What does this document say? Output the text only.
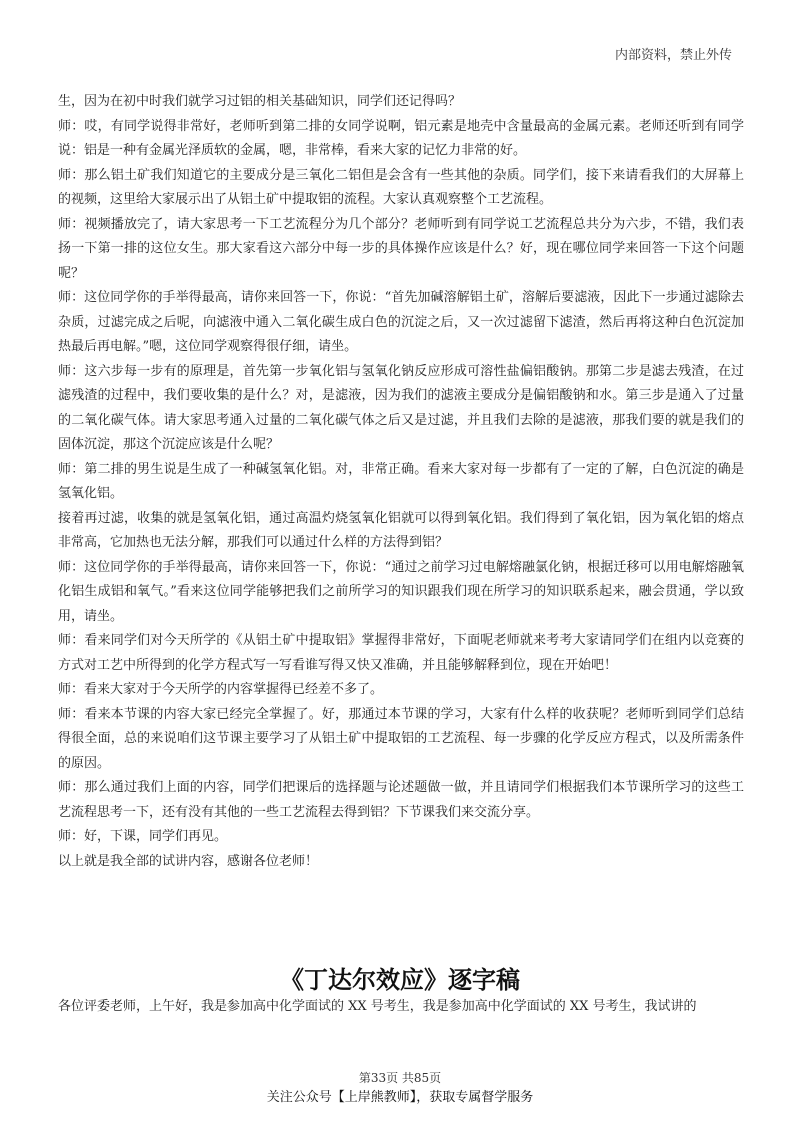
内部资料，禁止外传

生，因为在初中时我们就学习过铝的相关基础知识，同学们还记得吗？

师：哎，有同学说得非常好，老师听到第二排的女同学说啊，铝元素是地壳中含量最高的金属元素。老师还听到有同学说：铝是一种有金属光泽质软的金属，嗯，非常棒，看来大家的记忆力非常的好。

师：那么铝土矿我们知道它的主要成分是三氧化二铝但是会含有一些其他的杂质。同学们，接下来请看我们的大屏幕上的视频，这里给大家展示出了从铝土矿中提取铝的流程。大家认真观察整个工艺流程。

师：视频播放完了，请大家思考一下工艺流程分为几个部分？老师听到有同学说工艺流程总共分为六步，不错，我们表扬一下第一排的这位女生。那大家看这六部分中每一步的具体操作应该是什么？好，现在哪位同学来回答一下这个问题呢？

师：这位同学你的手举得最高，请你来回答一下，你说：“首先加碱溶解铝土矿，溶解后要滤液，因此下一步通过滤除去杂质，过滤完成之后呢，向滤液中通入二氧化碳生成白色的沉淀之后，又一次过滤留下滤渣，然后再将这种白色沉淀加热最后再电解。”嗯，这位同学观察得很仔细，请坐。

师：这六步每一步有的原理是，首先第一步氧化铝与氢氧化钠反应形成可溶性盐偏铝酸钠。那第二步是滤去残渣，在过滤残渣的过程中，我们要收集的是什么？对，是滤液，因为我们的滤液主要成分是偏铝酸钠和水。第三步是通入了过量的二氧化碳气体。请大家思考通入过量的二氧化碳气体之后又是过滤，并且我们去除的是滤液，那我们要的就是我们的固体沉淀，那这个沉淀应该是什么呢？

师：第二排的男生说是生成了一种碱氢氧化铝。对，非常正确。看来大家对每一步都有了一定的了解，白色沉淀的确是氢氧化铝。

接着再过滤，收集的就是氢氧化铝，通过高温灼烧氢氧化铝就可以得到氧化铝。我们得到了氧化铝，因为氧化铝的熔点非常高，它加热也无法分解，那我们可以通过什么样的方法得到铝？

师：这位同学你的手举得最高，请你来回答一下，你说：“通过之前学习过电解熔融氯化钠，根据迁移可以用电解熔融氧化铝生成铝和氧气。”看来这位同学能够把我们之前所学习的知识跟我们现在所学习的知识联系起来，融会贯通，学以致用，请坐。

师：看来同学们对今天所学的《从铝土矿中提取铝》掌握得非常好，下面呢老师就来考考大家请同学们在组内以竞赛的方式对工艺中所得到的化学方程式写一写看谁写得又快又准确，并且能够解释到位，现在开始吧！

师：看来大家对于今天所学的内容掌握得已经差不多了。

师：看来本节课的内容大家已经完全掌握了。好，那通过本节课的学习，大家有什么样的收获呢？老师听到同学们总结得很全面，总的来说咱们这节课主要学习了从铝土矿中提取铝的工艺流程、每一步骤的化学反应方程式，以及所需条件的原因。

师：那么通过我们上面的内容，同学们把课后的选择题与论述题做一做，并且请同学们根据我们本节课所学习的这些工艺流程思考一下，还有没有其他的一些工艺流程去得到铝？下节课我们来交流分享。

师：好，下课，同学们再见。

以上就是我全部的试讲内容，感谢各位老师！

《丁达尔效应》逐字稿
各位评委老师，上午好，我是参加高中化学面试的 XX 号考生，我是参加高中化学面试的 XX 号考生，我试讲的
第33页 共85页
关注公众号【上岸熊教师】，获取专属督学服务
